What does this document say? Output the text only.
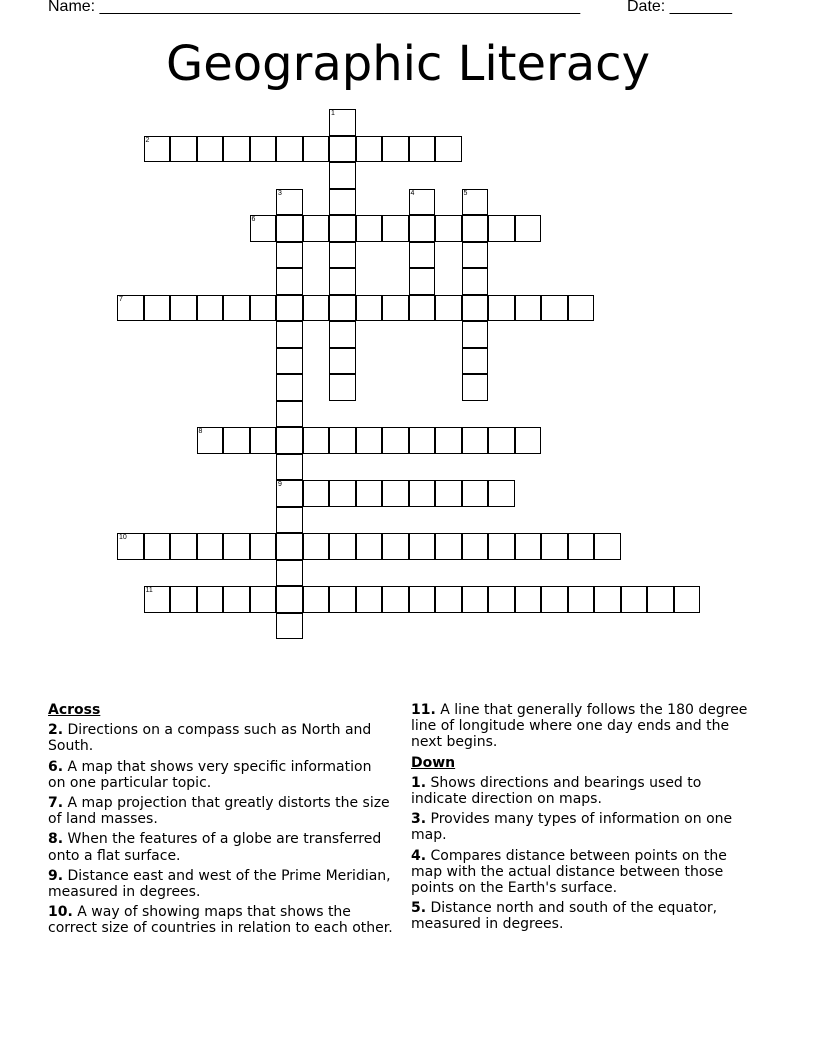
Name: ______________________________________________________	Date: _______
Geographic Literacy
1
2
3
9
4	5
6
7
8
10
11
Across
2. Directions on a compass such as North and South.
6. A map that shows very specific information on one particular topic.
7. A map projection that greatly distorts the size of land masses.
8. When the features of a globe are transferred onto a flat surface.
9. Distance east and west of the Prime Meridian, measured in degrees.
10. A way of showing maps that shows the correct size of countries in relation to each other.
11. A line that generally follows the 180 degree line of longitude where one day ends and the next begins.
Down
1. Shows directions and bearings used to indicate direction on maps.
3. Provides many types of information on one map.
4. Compares distance between points on the map with the actual distance between those points on the Earth's surface.
5. Distance north and south of the equator, measured in degrees.
